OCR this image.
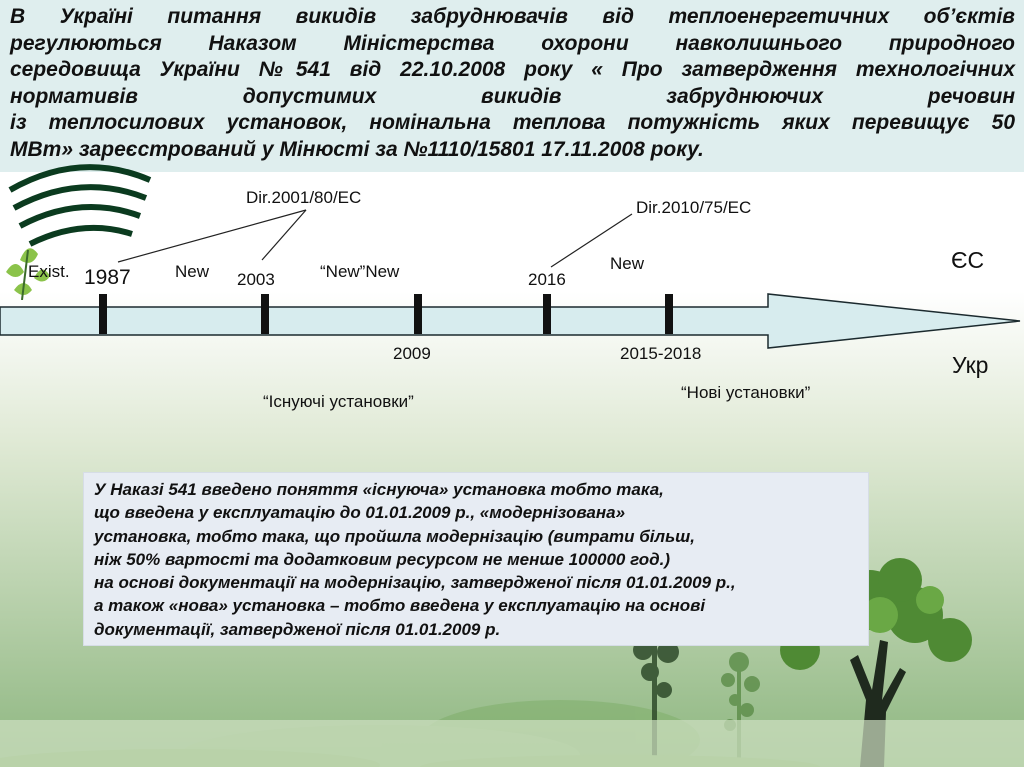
В Україні питання викидів забруднювачів від теплоенергетичних об’єктів
регулюються Наказом Міністерства охорони навколишнього природного
середовища України №541 від 22.10.2008 року « Про затвердження технологічних
нормативів допустимих викидів забруднюючих речовин
із теплосилових установок, номінальна теплова потужність яких перевищує 50
МВт» зареєстрований у Мінюсті за №1110/15801 17.11.2008 року.
Dir.2001/80/EC
Dir.2010/75/EC
Exist. 1987	New 2003	“New”New	2016
New	ЄС
2009	2015-2018	Укр
“Існуючі установки”	“Нові установки”
У Наказі 541 введено поняття «існуюча» установка тобто така,
що введена у експлуатацію до 01.01.2009 р., «модернізована»
установка, тобто така, що пройшла модернізацію (витрати більш,
ніж 50% вартості та додатковим ресурсом не менше 100000 год.)
на основі документації на модернізацію, затвердженої після 01.01.2009 р.,
а також «нова» установка – тобто введена у експлуатацію на основі
документації, затвердженої після 01.01.2009 р.
